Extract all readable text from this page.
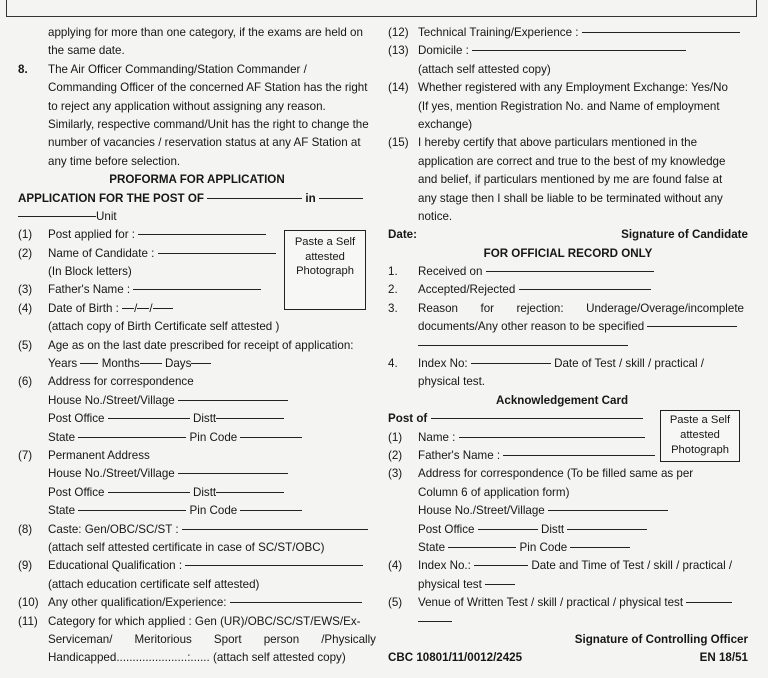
applying for more than one category, if the exams are held on
the same date.
8. The Air Officer Commanding/Station Commander /
Commanding Officer of the concerned AF Station has the right
to reject any application without assigning any reason.
Similarly, respective command/Unit has the right to change the
number of vacancies / reservation status at any AF Station at
any time before selection.
PROFORMA FOR APPLICATION
APPLICATION FOR THE POST OF	in
Unit
(1) Post applied for :
(2) Name of Candidate :
(In Block letters)
(3) Father's Name :
(4) Date of Birth : / /
(attach copy of Birth Certificate self attested )
(5) Age as on the last date prescribed for receipt of application:
Years Months Days
(6) Address for correspondence
House No./Street/Village
Post Office	Distt
State	Pin Code
(7) Permanent Address
House No./Street/Village
Post Office	Distt
State	Pin Code
(8) Caste: Gen/OBC/SC/ST :
(attach self attested certificate in case of SC/ST/OBC)
(9) Educational Qualification :
(attach education certificate self attested)
(10) Any other qualification/Experience:
(11) Category for which applied : Gen (UR)/OBC/SC/ST/EWS/Ex-
Serviceman/ Meritorious Sport person /Physically
Handicapped......................:...... (attach self attested copy)
Paste a Self
attested
Photograph
(12) Technical Training/Experience :
(13) Domicile :
(attach self attested copy)
(14) Whether registered with any Employment Exchange: Yes/No
(If yes, mention Registration No. and Name of employment
exchange)
(15) I hereby certify that above particulars mentioned in the
application are correct and true to the best of my knowledge
and belief, if particulars mentioned by me are found false at
any stage then I shall be liable to be terminated without any
notice.
Date:	Signature of Candidate
FOR OFFICIAL RECORD ONLY
1. Received on
2. Accepted/Rejected
3. Reason for rejection: Underage/Overage/incomplete
documents/Any other reason to be specified
4. Index No:	Date of Test / skill / practical /
physical test.
Acknowledgement Card
Post of
(1) Name :
(2) Father's Name :
(3) Address for correspondence (To be filled same as per
Column 6 of application form)
House No./Street/Village
Post Office	Distt
State	Pin Code
(4) Index No.:	Date and Time of Test / skill / practical /
physical test
(5) Venue of Written Test / skill / practical / physical test
Signature of Controlling Officer
CBC 10801/11/0012/2425	EN 18/51
Paste a Self
attested
Photograph
